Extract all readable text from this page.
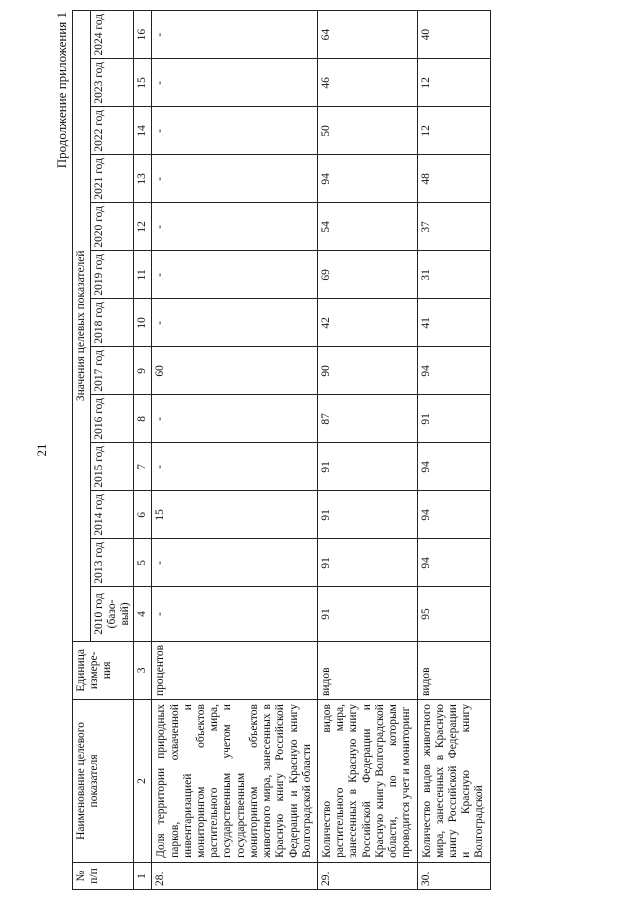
21
Продолжение приложения 1
№ п/п	Наименование целевого показателя	Единица измере- ния	Значения целевых показателей												
			2010 год (базо- вый)	2013 год	2014 год	2015 год	2016 год	2017 год	2018 год	2019 год	2020 год	2021 год	2022 год	2023 год	2024 год
1	2	3	4	5	6	7	8	9	10	11	12	13	14	15	16
28.	Доля территории природных парков, охваченной инвентаризацией и мониторингом объектов растительного мира, государственным учетом и государственным мониторингом объектов животного мира, занесенных в Красную книгу Российской Федерации и Красную книгу Волгоградской области	процентов	-	-	15	-	-	60	-	-	-	-	-	-	-
29.	Количество видов растительного мира, занесенных в Красную книгу Российской Федерации и Красную книгу Волгоградской области, по которым проводится учет и мониторинг	видов	91	91	91	91	87	90	42	69	54	94	50	46	64
30.	Количество видов животного мира, занесенных в Красную книгу Российской Федерации и Красную книгу Волгоградской	видов	95	94	94	94	91	94	41	31	37	48	12	12	40
